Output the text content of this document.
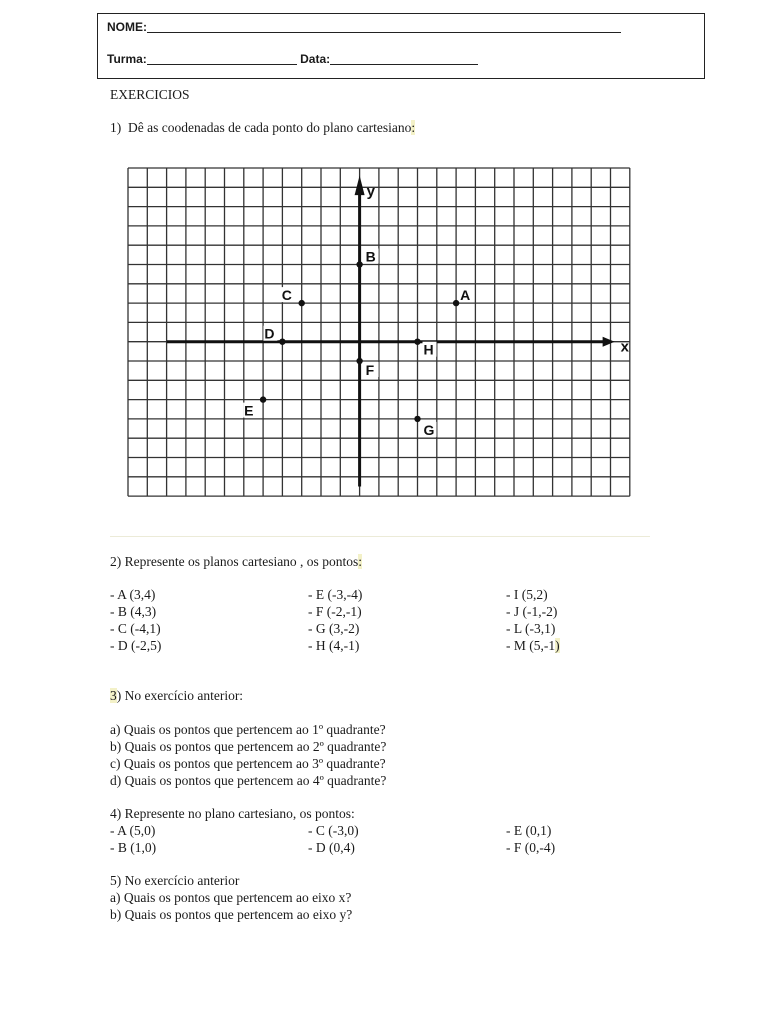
NOME:
Turma:	Data:
EXERCICIOS
1) Dê as coodenadas de cada ponto do plano cartesiano:
x
y
A
B
C
D
E
F
G
H
2) Represente os planos cartesiano , os pontos:
- A (3,4)
- B (4,3)
- C (-4,1)
- D (-2,5)
- E (-3,-4)
- F (-2,-1)
- G (3,-2)
- H (4,-1)
- I (5,2)
- J (-1,-2)
- L (-3,1)
- M (5,-1)
3) No exercício anterior:
a) Quais os pontos que pertencem ao 1º quadrante?
b) Quais os pontos que pertencem ao 2º quadrante?
c) Quais os pontos que pertencem ao 3º quadrante?
d) Quais os pontos que pertencem ao 4º quadrante?
4) Represente no plano cartesiano, os pontos:
- A (5,0)
- B (1,0)
- C (-3,0)
- D (0,4)
- E (0,1)
- F (0,-4)
5) No exercício anterior
a) Quais os pontos que pertencem ao eixo x?
b) Quais os pontos que pertencem ao eixo y?
